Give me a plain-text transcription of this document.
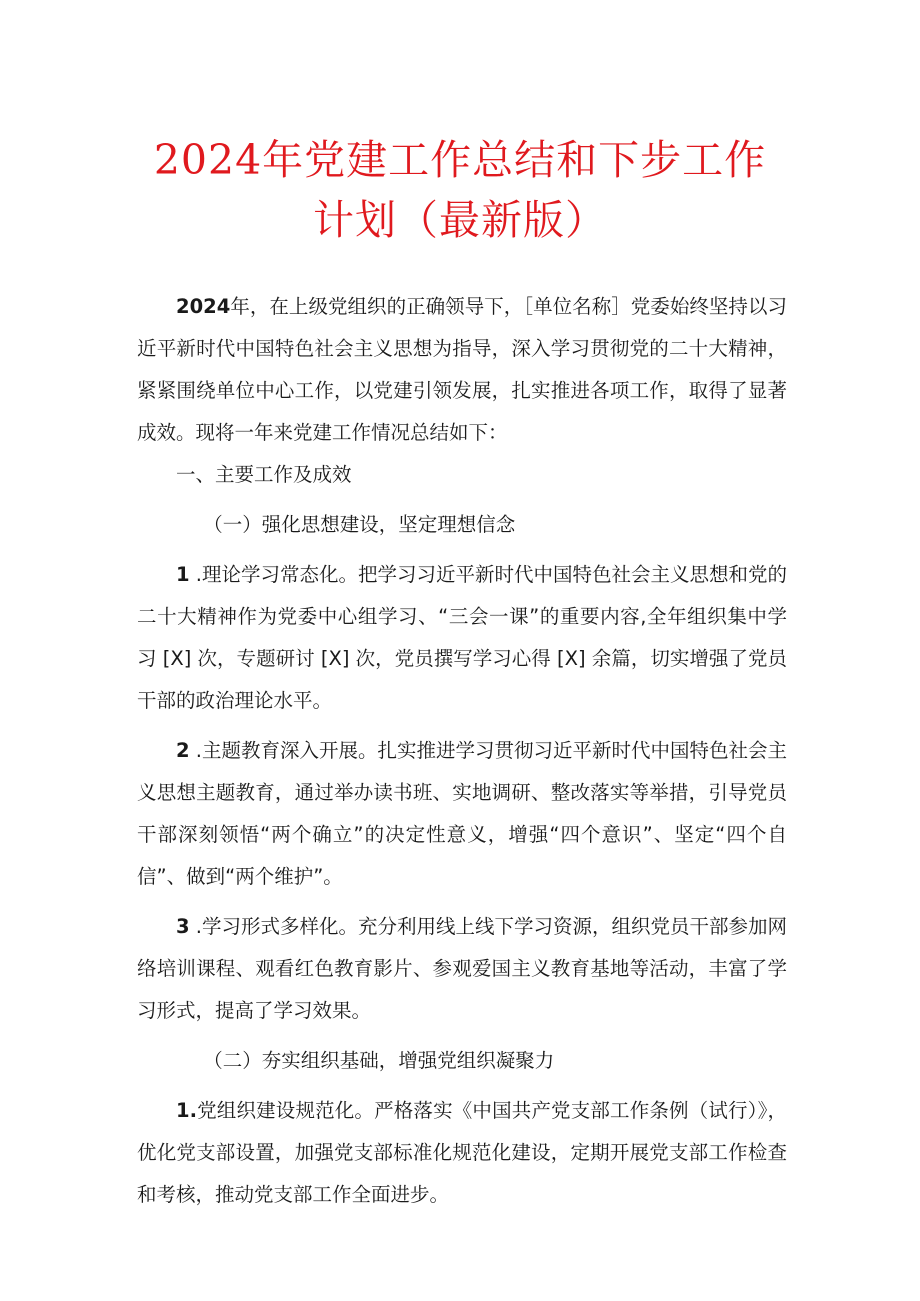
2024年党建工作总结和下步工作
计划（最新版）

2024年，在上级党组织的正确领导下，［单位名称］党委始终坚持以习近平新时代中国特色社会主义思想为指导，深入学习贯彻党的二十大精神，紧紧围绕单位中心工作，以党建引领发展，扎实推进各项工作，取得了显著成效。现将一年来党建工作情况总结如下：

一、主要工作及成效

（一）强化思想建设，坚定理想信念

1 .理论学习常态化。把学习习近平新时代中国特色社会主义思想和党的二十大精神作为党委中心组学习、“三会一课”的重要内容,全年组织集中学习 [X] 次，专题研讨 [X] 次，党员撰写学习心得 [X] 余篇，切实增强了党员干部的政治理论水平。

2 .主题教育深入开展。扎实推进学习贯彻习近平新时代中国特色社会主义思想主题教育，通过举办读书班、实地调研、整改落实等举措，引导党员干部深刻领悟“两个确立”的决定性意义，增强“四个意识”、坚定“四个自信”、做到“两个维护”。

3 .学习形式多样化。充分利用线上线下学习资源，组织党员干部参加网络培训课程、观看红色教育影片、参观爱国主义教育基地等活动，丰富了学习形式，提高了学习效果。

（二）夯实组织基础，增强党组织凝聚力

1.党组织建设规范化。严格落实《中国共产党支部工作条例（试行）》，优化党支部设置，加强党支部标准化规范化建设，定期开展党支部工作检查和考核，推动党支部工作全面进步。
